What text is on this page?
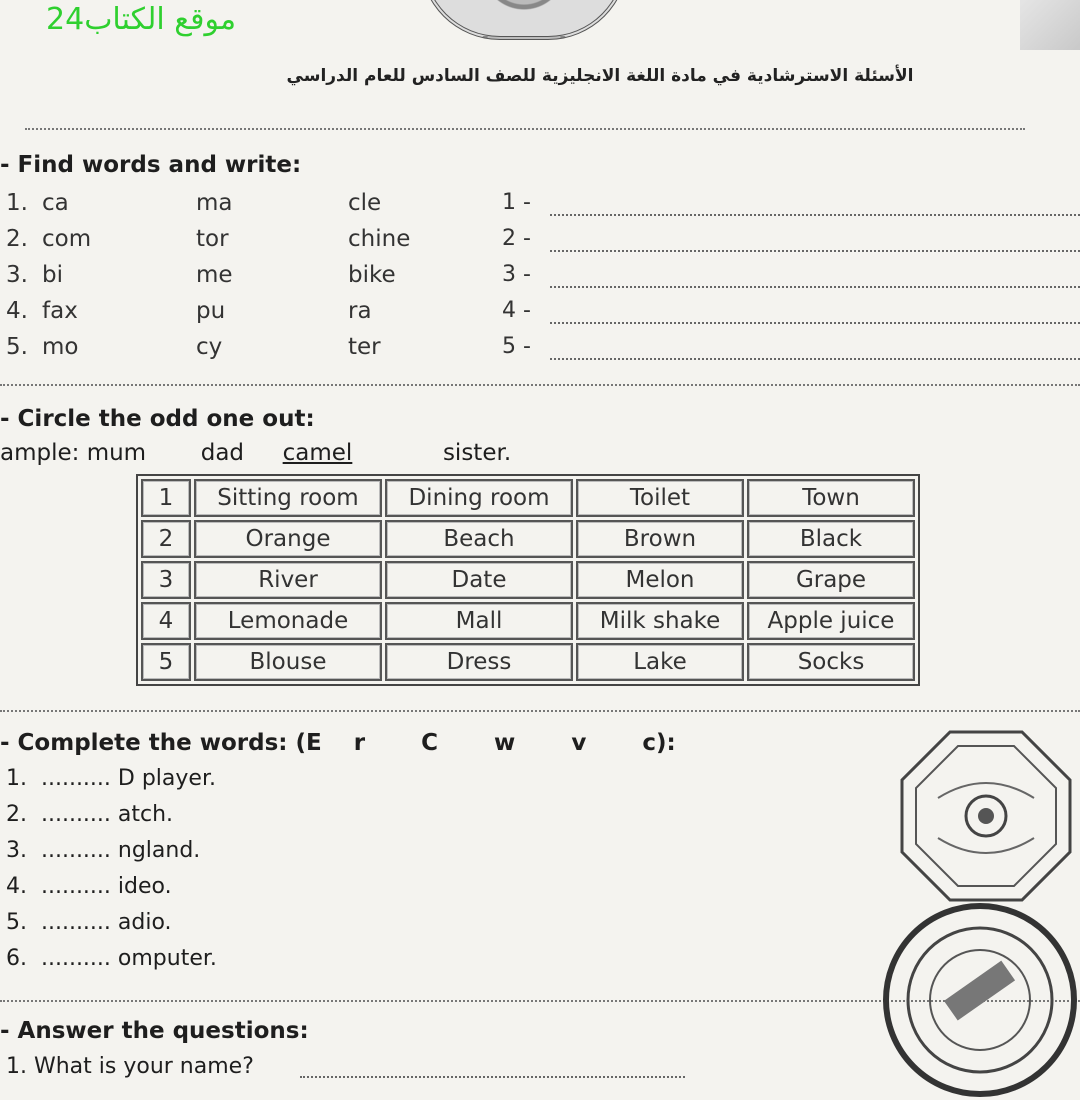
موقع الكتاب24
الأسئلة الاسترشادية في مادة اللغة الانجليزية للصف السادس للعام الدراسي
- Find words and write:
1. ca	ma	cle	1 -
2. com	tor	chine	2 -
3. bi	me	bike	3 -
4. fax	pu	ra	4 -
5. mo	cy	ter	5 -
- Circle the odd one out:
ample: mum dad camel	sister.
1	Sitting room	Dining room	Toilet	Town
2	Orange	Beach	Brown	Black
3	River	Date	Melon	Grape
4	Lemonade	Mall	Milk shake	Apple juice
5	Blouse	Dress	Lake	Socks
- Complete the words: (E    r       C       w       v       c):
1.  .......... D player.
2.  .......... atch.
3.  .......... ngland.
4.  .......... ideo.
5.  .......... adio.
6.  .......... omputer.
- Answer the questions:
1. What is your name?
